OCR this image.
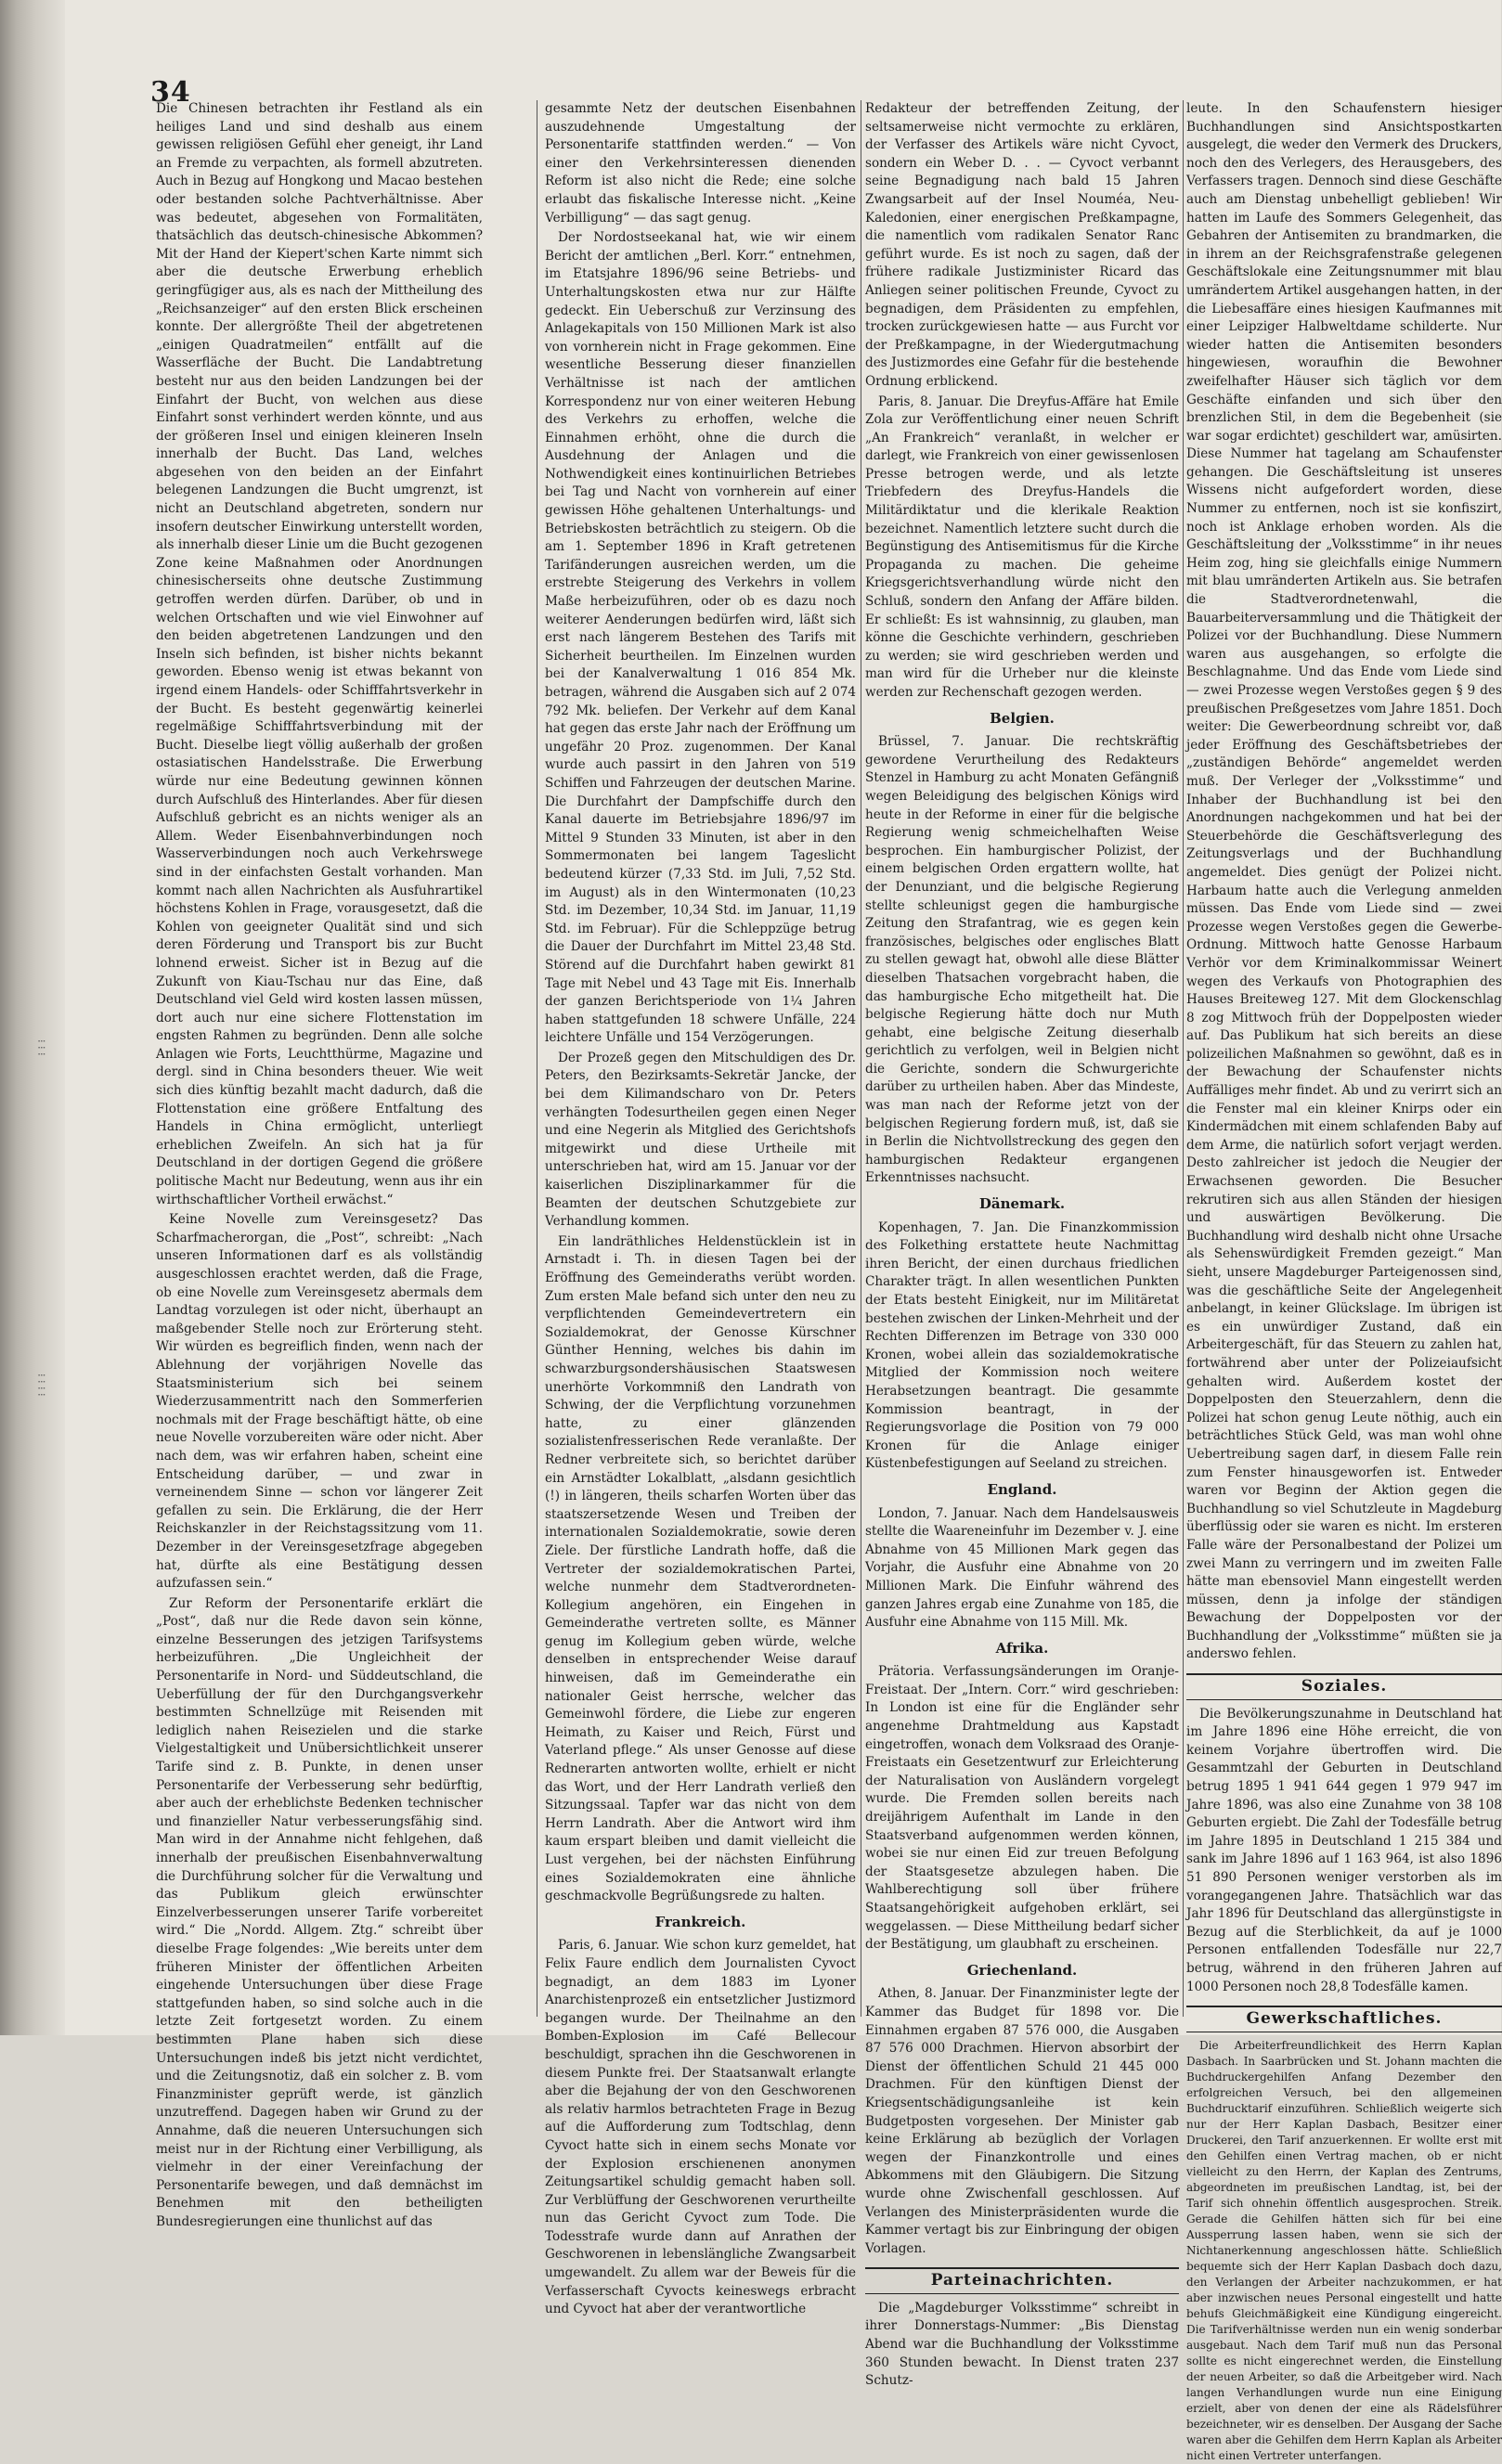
⁝ ⁝ ⁝
⁝ ⁝ ⁝ ⁝
34

Die Chinesen betrachten ihr Festland als ein heiliges Land und sind deshalb aus einem gewissen religiösen Gefühl eher geneigt, ihr Land an Fremde zu verpachten, als formell abzutreten. Auch in Bezug auf Hongkong und Macao bestehen oder bestanden solche Pachtverhältnisse. Aber was bedeutet, abgesehen von Formalitäten, thatsächlich das deutsch-chinesische Abkommen? Mit der Hand der Kiepert'schen Karte nimmt sich aber die deutsche Erwerbung erheblich geringfügiger aus, als es nach der Mittheilung des „Reichsanzeiger“ auf den ersten Blick erscheinen konnte. Der allergrößte Theil der abgetretenen „einigen Quadratmeilen“ entfällt auf die Wasserfläche der Bucht. Die Landabtretung besteht nur aus den beiden Landzungen bei der Einfahrt der Bucht, von welchen aus diese Einfahrt sonst verhindert werden könnte, und aus der größeren Insel und einigen kleineren Inseln innerhalb der Bucht. Das Land, welches abgesehen von den beiden an der Einfahrt belegenen Landzungen die Bucht umgrenzt, ist nicht an Deutschland abgetreten, sondern nur insofern deutscher Einwirkung unterstellt worden, als innerhalb dieser Linie um die Bucht gezogenen Zone keine Maßnahmen oder Anordnungen chinesischerseits ohne deutsche Zustimmung getroffen werden dürfen. Darüber, ob und in welchen Ortschaften und wie viel Einwohner auf den beiden abgetretenen Landzungen und den Inseln sich befinden, ist bisher nichts bekannt geworden. Ebenso wenig ist etwas bekannt von irgend einem Handels- oder Schifffahrtsverkehr in der Bucht. Es besteht gegenwärtig keinerlei regelmäßige Schifffahrtsverbindung mit der Bucht. Dieselbe liegt völlig außerhalb der großen ostasiatischen Handelsstraße. Die Erwerbung würde nur eine Bedeutung gewinnen können durch Aufschluß des Hinterlandes. Aber für diesen Aufschluß gebricht es an nichts weniger als an Allem. Weder Eisenbahnverbindungen noch Wasserverbindungen noch auch Verkehrswege sind in der einfachsten Gestalt vorhanden. Man kommt nach allen Nachrichten als Ausfuhrartikel höchstens Kohlen in Frage, vorausgesetzt, daß die Kohlen von geeigneter Qualität sind und sich deren Förderung und Transport bis zur Bucht lohnend erweist. Sicher ist in Bezug auf die Zukunft von Kiau-Tschau nur das Eine, daß Deutschland viel Geld wird kosten lassen müssen, dort auch nur eine sichere Flottenstation im engsten Rahmen zu begründen. Denn alle solche Anlagen wie Forts, Leuchtthürme, Magazine und dergl. sind in China besonders theuer. Wie weit sich dies künftig bezahlt macht dadurch, daß die Flottenstation eine größere Entfaltung des Handels in China ermöglicht, unterliegt erheblichen Zweifeln. An sich hat ja für Deutschland in der dortigen Gegend die größere politische Macht nur Bedeutung, wenn aus ihr ein wirthschaftlicher Vortheil erwächst.“

Keine Novelle zum Vereinsgesetz? Das Scharfmacherorgan, die „Post“, schreibt: „Nach unseren Informationen darf es als vollständig ausgeschlossen erachtet werden, daß die Frage, ob eine Novelle zum Vereinsgesetz abermals dem Landtag vorzulegen ist oder nicht, überhaupt an maßgebender Stelle noch zur Erörterung steht. Wir würden es begreiflich finden, wenn nach der Ablehnung der vorjährigen Novelle das Staatsministerium sich bei seinem Wiederzusammentritt nach den Sommerferien nochmals mit der Frage beschäftigt hätte, ob eine neue Novelle vorzubereiten wäre oder nicht. Aber nach dem, was wir erfahren haben, scheint eine Entscheidung darüber, — und zwar in verneinendem Sinne — schon vor längerer Zeit gefallen zu sein. Die Erklärung, die der Herr Reichskanzler in der Reichstagssitzung vom 11. Dezember in der Vereinsgesetzfrage abgegeben hat, dürfte als eine Bestätigung dessen aufzufassen sein.“

Zur Reform der Personentarife erklärt die „Post“, daß nur die Rede davon sein könne, einzelne Besserungen des jetzigen Tarifsystems herbeizuführen. „Die Ungleichheit der Personentarife in Nord- und Süddeutschland, die Ueberfüllung der für den Durchgangsverkehr bestimmten Schnellzüge mit Reisenden mit lediglich nahen Reisezielen und die starke Vielgestaltigkeit und Unübersichtlichkeit unserer Tarife sind z. B. Punkte, in denen unser Personentarife der Verbesserung sehr bedürftig, aber auch der erheblichste Bedenken technischer und finanzieller Natur verbesserungsfähig sind. Man wird in der Annahme nicht fehlgehen, daß innerhalb der preußischen Eisenbahnverwaltung die Durchführung solcher für die Verwaltung und das Publikum gleich erwünschter Einzelverbesserungen unserer Tarife vorbereitet wird.“ Die „Nordd. Allgem. Ztg.“ schreibt über dieselbe Frage folgendes: „Wie bereits unter dem früheren Minister der öffentlichen Arbeiten eingehende Untersuchungen über diese Frage stattgefunden haben, so sind solche auch in die letzte Zeit fortgesetzt worden. Zu einem bestimmten Plane haben sich diese Untersuchungen indeß bis jetzt nicht verdichtet, und die Zeitungsnotiz, daß ein solcher z. B. vom Finanzminister geprüft werde, ist gänzlich unzutreffend. Dagegen haben wir Grund zu der Annahme, daß die neueren Untersuchungen sich meist nur in der Richtung einer Verbilligung, als vielmehr in der einer Vereinfachung der Personentarife bewegen, und daß demnächst im Benehmen mit den betheiligten Bundesregierungen eine thunlichst auf das

gesammte Netz der deutschen Eisenbahnen auszudehnende Umgestaltung der Personentarife stattfinden werden.“ — Von einer den Verkehrsinteressen dienenden Reform ist also nicht die Rede; eine solche erlaubt das fiskalische Interesse nicht. „Keine Verbilligung“ — das sagt genug.

Der Nordostseekanal hat, wie wir einem Bericht der amtlichen „Berl. Korr.“ entnehmen, im Etatsjahre 1896/96 seine Betriebs- und Unterhaltungskosten etwa nur zur Hälfte gedeckt. Ein Ueberschuß zur Verzinsung des Anlagekapitals von 150 Millionen Mark ist also von vornherein nicht in Frage gekommen. Eine wesentliche Besserung dieser finanziellen Verhältnisse ist nach der amtlichen Korrespondenz nur von einer weiteren Hebung des Verkehrs zu erhoffen, welche die Einnahmen erhöht, ohne die durch die Ausdehnung der Anlagen und die Nothwendigkeit eines kontinuirlichen Betriebes bei Tag und Nacht von vornherein auf einer gewissen Höhe gehaltenen Unterhaltungs- und Betriebskosten beträchtlich zu steigern. Ob die am 1. September 1896 in Kraft getretenen Tarifänderungen ausreichen werden, um die erstrebte Steigerung des Verkehrs in vollem Maße herbeizuführen, oder ob es dazu noch weiterer Aenderungen bedürfen wird, läßt sich erst nach längerem Bestehen des Tarifs mit Sicherheit beurtheilen. Im Einzelnen wurden bei der Kanalverwaltung 1 016 854 Mk. betragen, während die Ausgaben sich auf 2 074 792 Mk. beliefen. Der Verkehr auf dem Kanal hat gegen das erste Jahr nach der Eröffnung um ungefähr 20 Proz. zugenommen. Der Kanal wurde auch passirt in den Jahren von 519 Schiffen und Fahrzeugen der deutschen Marine. Die Durchfahrt der Dampfschiffe durch den Kanal dauerte im Betriebsjahre 1896/97 im Mittel 9 Stunden 33 Minuten, ist aber in den Sommermonaten bei langem Tageslicht bedeutend kürzer (7,33 Std. im Juli, 7,52 Std. im August) als in den Wintermonaten (10,23 Std. im Dezember, 10,34 Std. im Januar, 11,19 Std. im Februar). Für die Schleppzüge betrug die Dauer der Durchfahrt im Mittel 23,48 Std. Störend auf die Durchfahrt haben gewirkt 81 Tage mit Nebel und 43 Tage mit Eis. Innerhalb der ganzen Berichtsperiode von 1¼ Jahren haben stattgefunden 18 schwere Unfälle, 224 leichtere Unfälle und 154 Verzögerungen.

Der Prozeß gegen den Mitschuldigen des Dr. Peters, den Bezirksamts-Sekretär Jancke, der bei dem Kilimandscharo von Dr. Peters verhängten Todesurtheilen gegen einen Neger und eine Negerin als Mitglied des Gerichtshofs mitgewirkt und diese Urtheile mit unterschrieben hat, wird am 15. Januar vor der kaiserlichen Disziplinarkammer für die Beamten der deutschen Schutzgebiete zur Verhandlung kommen.

Ein landräthliches Heldenstücklein ist in Arnstadt i. Th. in diesen Tagen bei der Eröffnung des Gemeinderaths verübt worden. Zum ersten Male befand sich unter den neu zu verpflichtenden Gemeindevertretern ein Sozialdemokrat, der Genosse Kürschner Günther Henning, welches bis dahin im schwarzburgsondershäusischen Staatswesen unerhörte Vorkommniß den Landrath von Schwing, der die Verpflichtung vorzunehmen hatte, zu einer glänzenden sozialistenfresserischen Rede veranlaßte. Der Redner verbreitete sich, so berichtet darüber ein Arnstädter Lokalblatt, „alsdann gesichtlich (!) in längeren, theils scharfen Worten über das staatszersetzende Wesen und Treiben der internationalen Sozialdemokratie, sowie deren Ziele. Der fürstliche Landrath hoffe, daß die Vertreter der sozialdemokratischen Partei, welche nunmehr dem Stadtverordneten-Kollegium angehören, ein Eingehen in Gemeinderathe vertreten sollte, es Männer genug im Kollegium geben würde, welche denselben in entsprechender Weise darauf hinweisen, daß im Gemeinderathe ein nationaler Geist herrsche, welcher das Gemeinwohl fördere, die Liebe zur engeren Heimath, zu Kaiser und Reich, Fürst und Vaterland pflege.“ Als unser Genosse auf diese Rednerarten antworten wollte, erhielt er nicht das Wort, und der Herr Landrath verließ den Sitzungssaal. Tapfer war das nicht von dem Herrn Landrath. Aber die Antwort wird ihm kaum erspart bleiben und damit vielleicht die Lust vergehen, bei der nächsten Einführung eines Sozialdemokraten eine ähnliche geschmackvolle Begrüßungsrede zu halten.

Frankreich.

Paris, 6. Januar. Wie schon kurz gemeldet, hat Felix Faure endlich dem Journalisten Cyvoct begnadigt, an dem 1883 im Lyoner Anarchistenprozeß ein entsetzlicher Justizmord begangen wurde. Der Theilnahme an den Bomben-Explosion im Café Bellecour beschuldigt, sprachen ihn die Geschworenen in diesem Punkte frei. Der Staatsanwalt erlangte aber die Bejahung der von den Geschworenen als relativ harmlos betrachteten Frage in Bezug auf die Aufforderung zum Todtschlag, denn Cyvoct hatte sich in einem sechs Monate vor der Explosion erschienenen anonymen Zeitungsartikel schuldig gemacht haben soll. Zur Verblüffung der Geschworenen verurtheilte nun das Gericht Cyvoct zum Tode. Die Todesstrafe wurde dann auf Anrathen der Geschworenen in lebenslängliche Zwangsarbeit umgewandelt. Zu allem war der Beweis für die Verfasserschaft Cyvocts keineswegs erbracht und Cyvoct hat aber der verantwortliche

Redakteur der betreffenden Zeitung, der seltsamerweise nicht vermochte zu erklären, der Verfasser des Artikels wäre nicht Cyvoct, sondern ein Weber D. . . — Cyvoct verbannt seine Begnadigung nach bald 15 Jahren Zwangsarbeit auf der Insel Nouméa, Neu-Kaledonien, einer energischen Preßkampagne, die namentlich vom radikalen Senator Ranc geführt wurde. Es ist noch zu sagen, daß der frühere radikale Justizminister Ricard das Anliegen seiner politischen Freunde, Cyvoct zu begnadigen, dem Präsidenten zu empfehlen, trocken zurückgewiesen hatte — aus Furcht vor der Preßkampagne, in der Wiedergutmachung des Justizmordes eine Gefahr für die bestehende Ordnung erblickend.

Paris, 8. Januar. Die Dreyfus-Affäre hat Emile Zola zur Veröffentlichung einer neuen Schrift „An Frankreich“ veranlaßt, in welcher er darlegt, wie Frankreich von einer gewissenlosen Presse betrogen werde, und als letzte Triebfedern des Dreyfus-Handels die Militärdiktatur und die klerikale Reaktion bezeichnet. Namentlich letztere sucht durch die Begünstigung des Antisemitismus für die Kirche Propaganda zu machen. Die geheime Kriegsgerichtsverhandlung würde nicht den Schluß, sondern den Anfang der Affäre bilden. Er schließt: Es ist wahnsinnig, zu glauben, man könne die Geschichte verhindern, geschrieben zu werden; sie wird geschrieben werden und man wird für die Urheber nur die kleinste werden zur Rechenschaft gezogen werden.

Belgien.

Brüssel, 7. Januar. Die rechtskräftig gewordene Verurtheilung des Redakteurs Stenzel in Hamburg zu acht Monaten Gefängniß wegen Beleidigung des belgischen Königs wird heute in der Reforme in einer für die belgische Regierung wenig schmeichelhaften Weise besprochen. Ein hamburgischer Polizist, der einem belgischen Orden ergattern wollte, hat der Denunziant, und die belgische Regierung stellte schleunigst gegen die hamburgische Zeitung den Strafantrag, wie es gegen kein französisches, belgisches oder englisches Blatt zu stellen gewagt hat, obwohl alle diese Blätter dieselben Thatsachen vorgebracht haben, die das hamburgische Echo mitgetheilt hat. Die belgische Regierung hätte doch nur Muth gehabt, eine belgische Zeitung dieserhalb gerichtlich zu verfolgen, weil in Belgien nicht die Gerichte, sondern die Schwurgerichte darüber zu urtheilen haben. Aber das Mindeste, was man nach der Reforme jetzt von der belgischen Regierung fordern muß, ist, daß sie in Berlin die Nichtvollstreckung des gegen den hamburgischen Redakteur ergangenen Erkenntnisses nachsucht.

Dänemark.

Kopenhagen, 7. Jan. Die Finanzkommission des Folkething erstattete heute Nachmittag ihren Bericht, der einen durchaus friedlichen Charakter trägt. In allen wesentlichen Punkten der Etats besteht Einigkeit, nur im Militäretat bestehen zwischen der Linken-Mehrheit und der Rechten Differenzen im Betrage von 330 000 Kronen, wobei allein das sozialdemokratische Mitglied der Kommission noch weitere Herabsetzungen beantragt. Die gesammte Kommission beantragt, in der Regierungsvorlage die Position von 79 000 Kronen für die Anlage einiger Küstenbefestigungen auf Seeland zu streichen.

England.

London, 7. Januar. Nach dem Handelsausweis stellte die Waareneinfuhr im Dezember v. J. eine Abnahme von 45 Millionen Mark gegen das Vorjahr, die Ausfuhr eine Abnahme von 20 Millionen Mark. Die Einfuhr während des ganzen Jahres ergab eine Zunahme von 185, die Ausfuhr eine Abnahme von 115 Mill. Mk.

Afrika.

Prätoria. Verfassungsänderungen im Oranje-Freistaat. Der „Intern. Corr.“ wird geschrieben: In London ist eine für die Engländer sehr angenehme Drahtmeldung aus Kapstadt eingetroffen, wonach dem Volksraad des Oranje-Freistaats ein Gesetzentwurf zur Erleichterung der Naturalisation von Ausländern vorgelegt wurde. Die Fremden sollen bereits nach dreijährigem Aufenthalt im Lande in den Staatsverband aufgenommen werden können, wobei sie nur einen Eid zur treuen Befolgung der Staatsgesetze abzulegen haben. Die Wahlberechtigung soll über frühere Staatsangehörigkeit aufgehoben erklärt, sei weggelassen. — Diese Mittheilung bedarf sicher der Bestätigung, um glaubhaft zu erscheinen.

Griechenland.

Athen, 8. Januar. Der Finanzminister legte der Kammer das Budget für 1898 vor. Die Einnahmen ergaben 87 576 000, die Ausgaben 87 576 000 Drachmen. Hiervon absorbirt der Dienst der öffentlichen Schuld 21 445 000 Drachmen. Für den künftigen Dienst der Kriegsentschädigungsanleihe ist kein Budgetposten vorgesehen. Der Minister gab keine Erklärung ab bezüglich der Vorlagen wegen der Finanzkontrolle und eines Abkommens mit den Gläubigern. Die Sitzung wurde ohne Zwischenfall geschlossen. Auf Verlangen des Ministerpräsidenten wurde die Kammer vertagt bis zur Einbringung der obigen Vorlagen.

Parteinachrichten.

Die „Magdeburger Volksstimme“ schreibt in ihrer Donnerstags-Nummer: „Bis Dienstag Abend war die Buchhandlung der Volksstimme 360 Stunden bewacht. In Dienst traten 237 Schutz-

leute. In den Schaufenstern hiesiger Buchhandlungen sind Ansichtspostkarten ausgelegt, die weder den Vermerk des Druckers, noch den des Verlegers, des Herausgebers, des Verfassers tragen. Dennoch sind diese Geschäfte auch am Dienstag unbehelligt geblieben! Wir hatten im Laufe des Sommers Gelegenheit, das Gebahren der Antisemiten zu brandmarken, die in ihrem an der Reichsgrafenstraße gelegenen Geschäftslokale eine Zeitungsnummer mit blau umrändertem Artikel ausgehangen hatten, in der die Liebesaffäre eines hiesigen Kaufmannes mit einer Leipziger Halbweltdame schilderte. Nur wieder hatten die Antisemiten besonders hingewiesen, woraufhin die Bewohner zweifelhafter Häuser sich täglich vor dem Geschäfte einfanden und sich über den brenzlichen Stil, in dem die Begebenheit (sie war sogar erdichtet) geschildert war, amüsirten. Diese Nummer hat tagelang am Schaufenster gehangen. Die Geschäftsleitung ist unseres Wissens nicht aufgefordert worden, diese Nummer zu entfernen, noch ist sie konfiszirt, noch ist Anklage erhoben worden. Als die Geschäftsleitung der „Volksstimme“ in ihr neues Heim zog, hing sie gleichfalls einige Nummern mit blau umränderten Artikeln aus. Sie betrafen die Stadtverordnetenwahl, die Bauarbeiterversammlung und die Thätigkeit der Polizei vor der Buchhandlung. Diese Nummern waren aus ausgehangen, so erfolgte die Beschlagnahme. Und das Ende vom Liede sind — zwei Prozesse wegen Verstoßes gegen § 9 des preußischen Preßgesetzes vom Jahre 1851. Doch weiter: Die Gewerbeordnung schreibt vor, daß jeder Eröffnung des Geschäftsbetriebes der „zuständigen Behörde“ angemeldet werden muß. Der Verleger der „Volksstimme“ und Inhaber der Buchhandlung ist bei den Anordnungen nachgekommen und hat bei der Steuerbehörde die Geschäftsverlegung des Zeitungsverlags und der Buchhandlung angemeldet. Dies genügt der Polizei nicht. Harbaum hatte auch die Verlegung anmelden müssen. Das Ende vom Liede sind — zwei Prozesse wegen Verstoßes gegen die Gewerbe-Ordnung. Mittwoch hatte Genosse Harbaum Verhör vor dem Kriminalkommissar Weinert wegen des Verkaufs von Photographien des Hauses Breiteweg 127. Mit dem Glockenschlag 8 zog Mittwoch früh der Doppelposten wieder auf. Das Publikum hat sich bereits an diese polizeilichen Maßnahmen so gewöhnt, daß es in der Bewachung der Schaufenster nichts Auffälliges mehr findet. Ab und zu verirrt sich an die Fenster mal ein kleiner Knirps oder ein Kindermädchen mit einem schlafenden Baby auf dem Arme, die natürlich sofort verjagt werden. Desto zahlreicher ist jedoch die Neugier der Erwachsenen geworden. Die Besucher rekrutiren sich aus allen Ständen der hiesigen und auswärtigen Bevölkerung. Die Buchhandlung wird deshalb nicht ohne Ursache als Sehenswürdigkeit Fremden gezeigt.“ Man sieht, unsere Magdeburger Parteigenossen sind, was die geschäftliche Seite der Angelegenheit anbelangt, in keiner Glückslage. Im übrigen ist es ein unwürdiger Zustand, daß ein Arbeitergeschäft, für das Steuern zu zahlen hat, fortwährend aber unter der Polizeiaufsicht gehalten wird. Außerdem kostet der Doppelposten den Steuerzahlern, denn die Polizei hat schon genug Leute nöthig, auch ein beträchtliches Stück Geld, was man wohl ohne Uebertreibung sagen darf, in diesem Falle rein zum Fenster hinausgeworfen ist. Entweder waren vor Beginn der Aktion gegen die Buchhandlung so viel Schutzleute in Magdeburg überflüssig oder sie waren es nicht. Im ersteren Falle wäre der Personalbestand der Polizei um zwei Mann zu verringern und im zweiten Falle hätte man ebensoviel Mann eingestellt werden müssen, denn ja infolge der ständigen Bewachung der Doppelposten vor der Buchhandlung der „Volksstimme“ müßten sie ja anderswo fehlen.

Soziales.

Die Bevölkerungszunahme in Deutschland hat im Jahre 1896 eine Höhe erreicht, die von keinem Vorjahre übertroffen wird. Die Gesammtzahl der Geburten in Deutschland betrug 1895 1 941 644 gegen 1 979 947 im Jahre 1896, was also eine Zunahme von 38 108 Geburten ergiebt. Die Zahl der Todesfälle betrug im Jahre 1895 in Deutschland 1 215 384 und sank im Jahre 1896 auf 1 163 964, ist also 1896 51 890 Personen weniger verstorben als im vorangegangenen Jahre. Thatsächlich war das Jahr 1896 für Deutschland das allergünstigste in Bezug auf die Sterblichkeit, da auf je 1000 Personen entfallenden Todesfälle nur 22,7 betrug, während in den früheren Jahren auf 1000 Personen noch 28,8 Todesfälle kamen.

Gewerkschaftliches.

Die Arbeiterfreundlichkeit des Herrn Kaplan Dasbach. In Saarbrücken und St. Johann machten die Buchdruckergehilfen Anfang Dezember den erfolgreichen Versuch, bei den allgemeinen Buchdrucktarif einzuführen. Schließlich weigerte sich nur der Herr Kaplan Dasbach, Besitzer einer Druckerei, den Tarif anzuerkennen. Er wollte erst mit den Gehilfen einen Vertrag machen, ob er nicht vielleicht zu den Herrn, der Kaplan des Zentrums, abgeordneten im preußischen Landtag, ist, bei der Tarif sich ohnehin öffentlich ausgesprochen. Streik. Gerade die Gehilfen hätten sich für bei eine Aussperrung lassen haben, wenn sie sich der Nichtanerkennung angeschlossen hätte. Schließlich bequemte sich der Herr Kaplan Dasbach doch dazu, den Verlangen der Arbeiter nachzukommen, er hat aber inzwischen neues Personal eingestellt und hatte behufs Gleichmäßigkeit eine Kündigung eingereicht. Die Tarifverhältnisse werden nun ein wenig sonderbar ausgebaut. Nach dem Tarif muß nun das Personal sollte es nicht eingerechnet werden, die Einstellung der neuen Arbeiter, so daß die Arbeitgeber wird. Nach langen Verhandlungen wurde nun eine Einigung erzielt, aber von denen der eine als Rädelsführer bezeichneter, wir es denselben. Der Ausgang der Sache waren aber die Gehilfen dem Herrn Kaplan als Arbeiter nicht einen Vertreter unterfangen.
